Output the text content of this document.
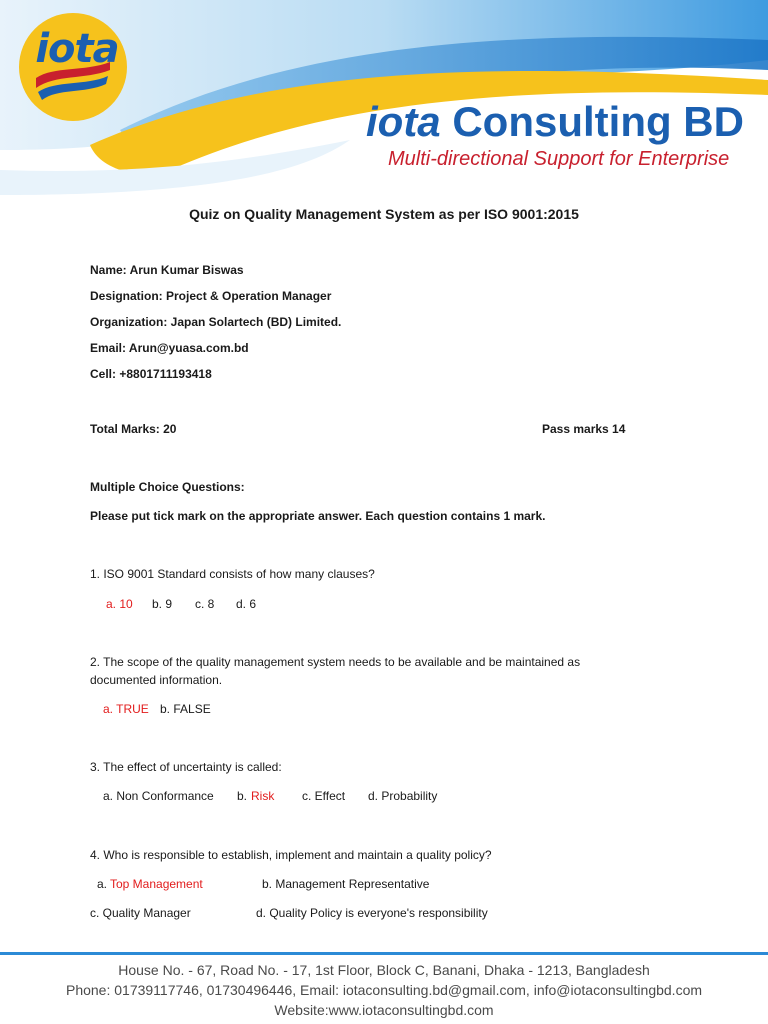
iota
iota Consulting BD
Multi-directional Support for Enterprise
Quiz on Quality Management System as per ISO 9001:2015
Name: Arun Kumar Biswas
Designation: Project & Operation Manager
Organization: Japan Solartech (BD) Limited.
Email: Arun@yuasa.com.bd
Cell: +8801711193418
Total Marks: 20	Pass marks 14
Multiple Choice Questions:
Please put tick mark on the appropriate answer. Each question contains 1 mark.
1. ISO 9001 Standard consists of how many clauses?
a. 10 b. 9 c. 8 d. 6
2. The scope of the quality management system needs to be available and be maintained as
documented information.
a. TRUE b. FALSE
3. The effect of uncertainty is called:
a. Non Conformance b. Risk c. Effect d. Probability
4. Who is responsible to establish, implement and maintain a quality policy?
a. Top Management	b. Management Representative
c. Quality Manager	d. Quality Policy is everyone's responsibility
House No. - 67, Road No. - 17, 1st Floor, Block C, Banani, Dhaka - 1213, Bangladesh
Phone: 01739117746, 01730496446, Email: iotaconsulting.bd@gmail.com, info@iotaconsultingbd.com
Website:www.iotaconsultingbd.com
